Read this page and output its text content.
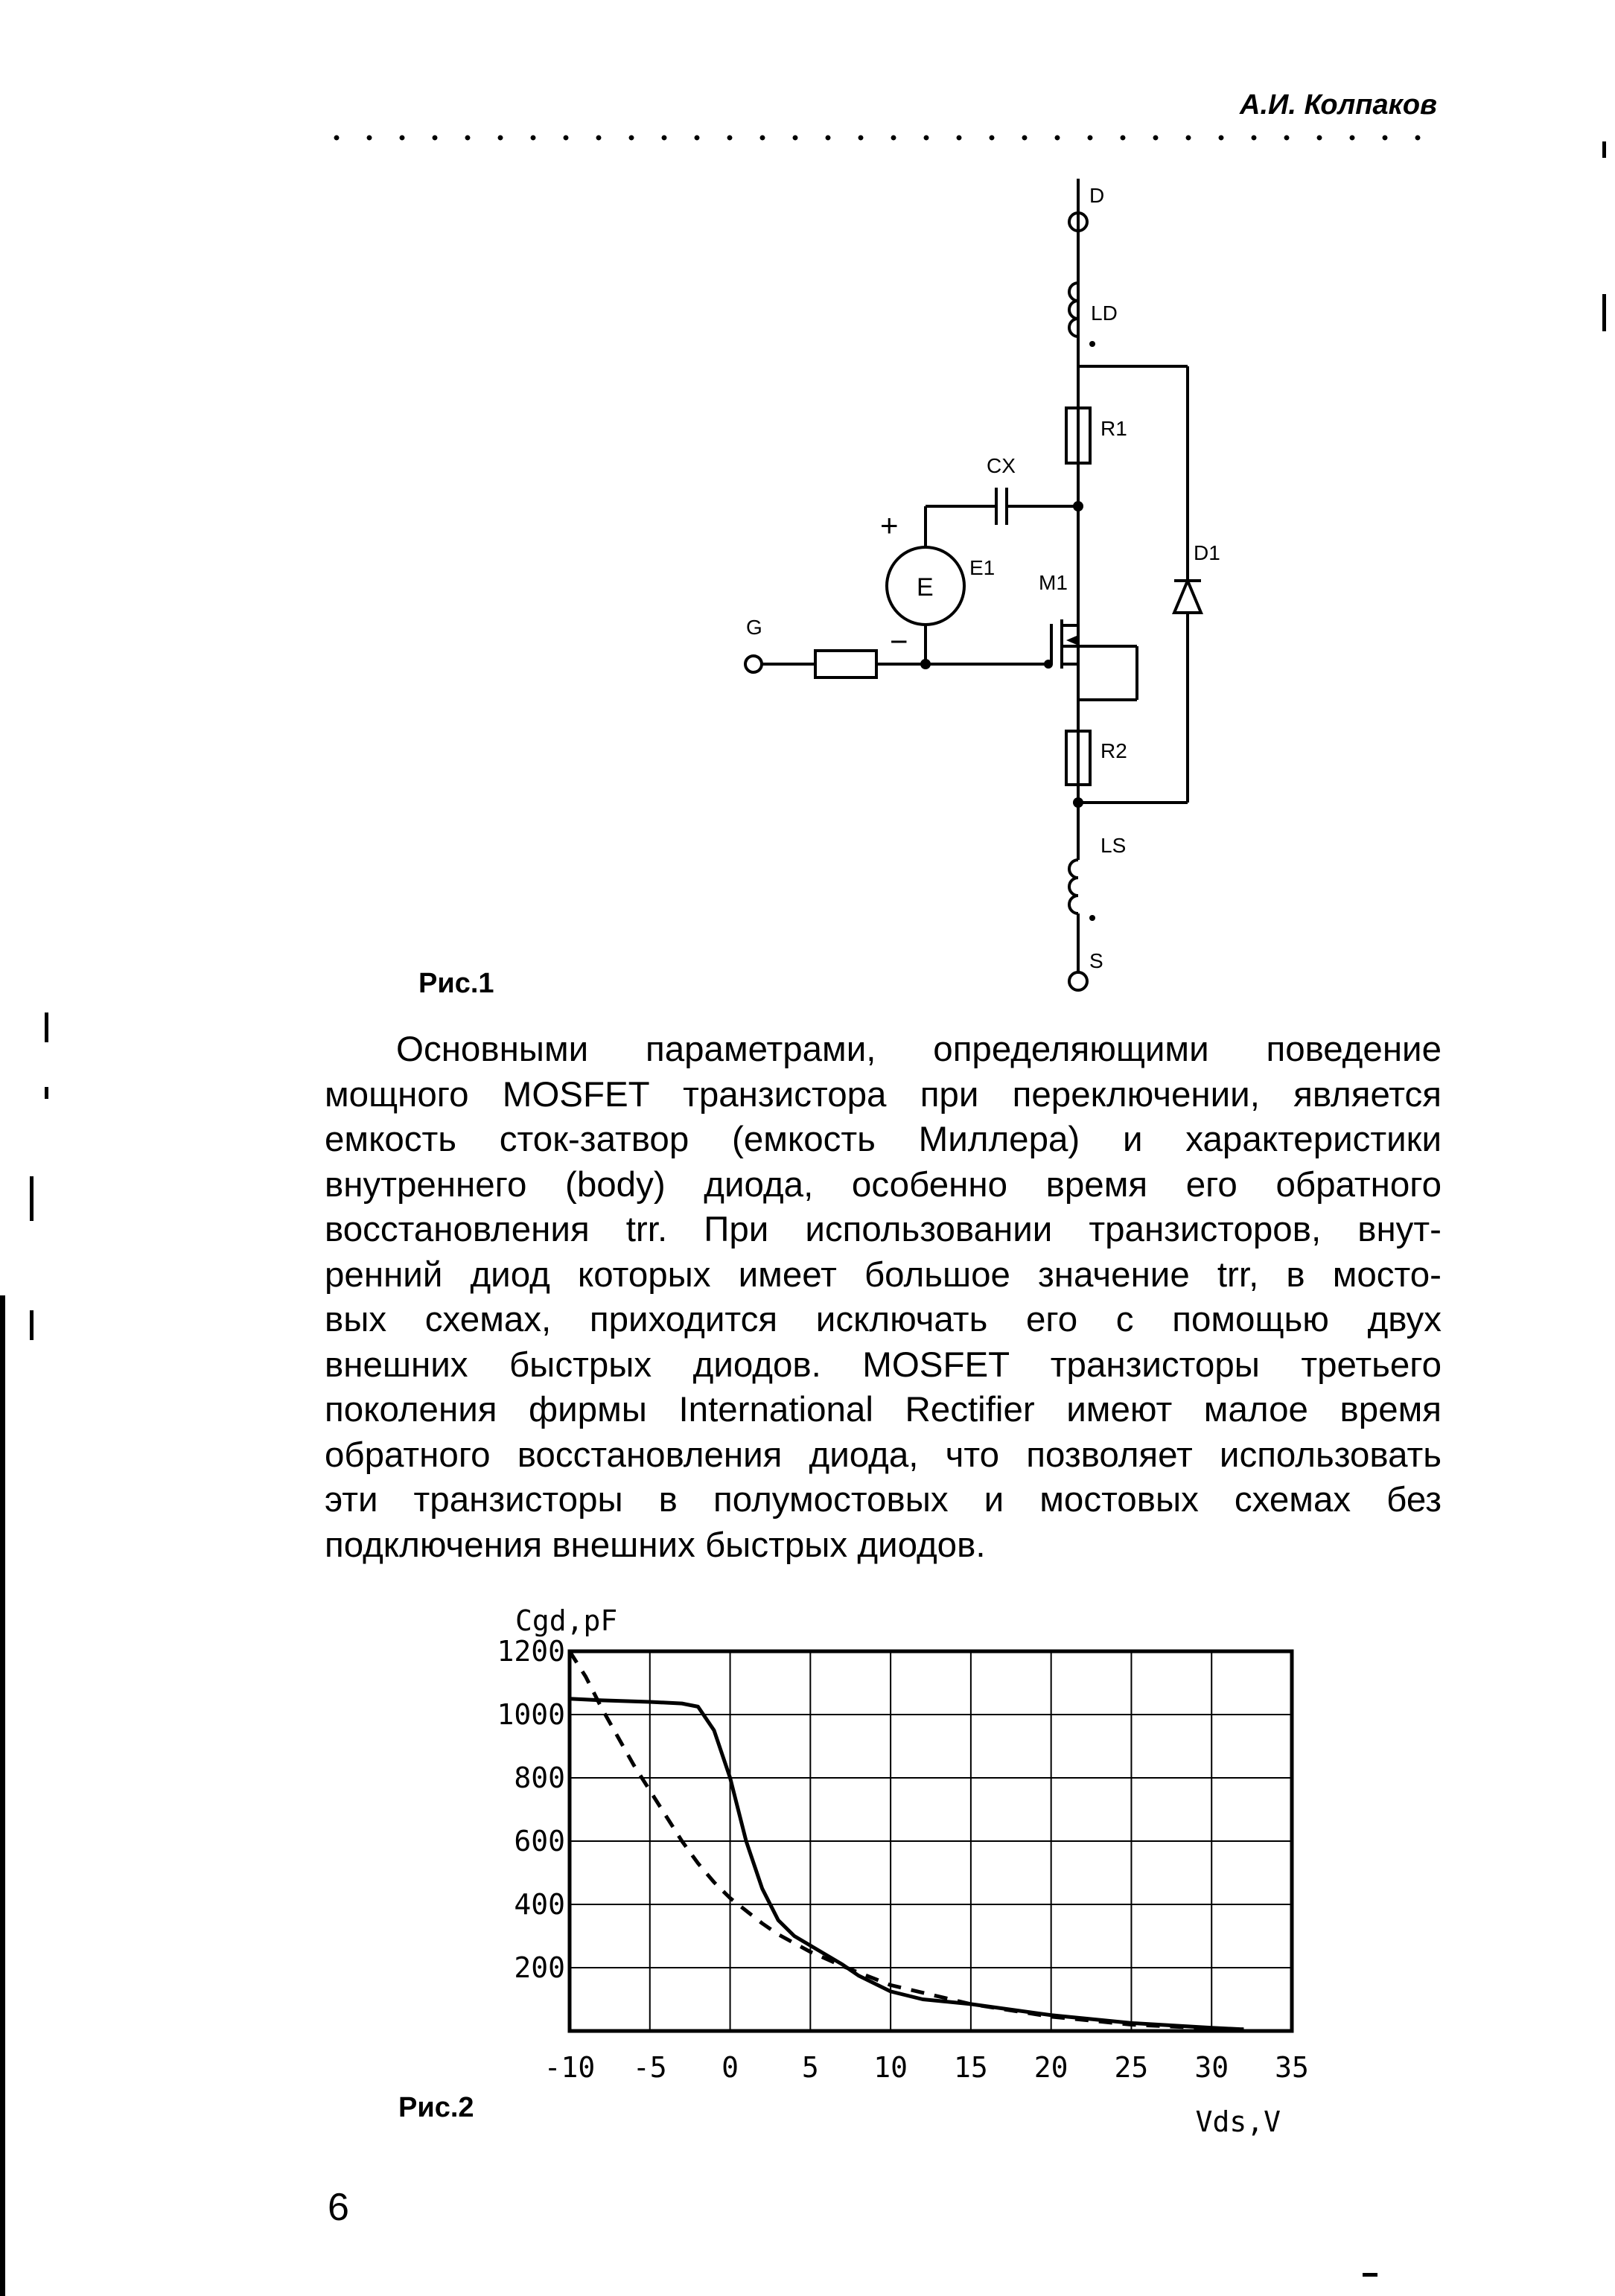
А.И. Колпаков
D
G
S
LD
R1
CX
E1
E	M1
D1
R2
LS
+
−
Рис.1
Основными параметрами, определяющими поведение
мощного MOSFET транзистора при переключении, является
емкость сток-затвор (емкость Миллера) и характеристики
внутреннего (body) диода, особенно время его обратного
восстановления trr. При использовании транзисторов, внут-
ренний диод которых имеет большое значение trr, в мосто-
вых схемах, приходится исключать его с помощью двух
внешних быстрых диодов. MOSFET транзисторы третьего
поколения фирмы International Rectifier имеют малое время
обратного восстановления диода, что позволяет использовать
эти транзисторы в полумостовых и мостовых схемах без
подключения внешних быстрых диодов.
-10 -5 0 5 10 15 20 25 30 35
200
400
600
800
1000
1200
Cgd,pF
Vds,V
Рис.2
6
